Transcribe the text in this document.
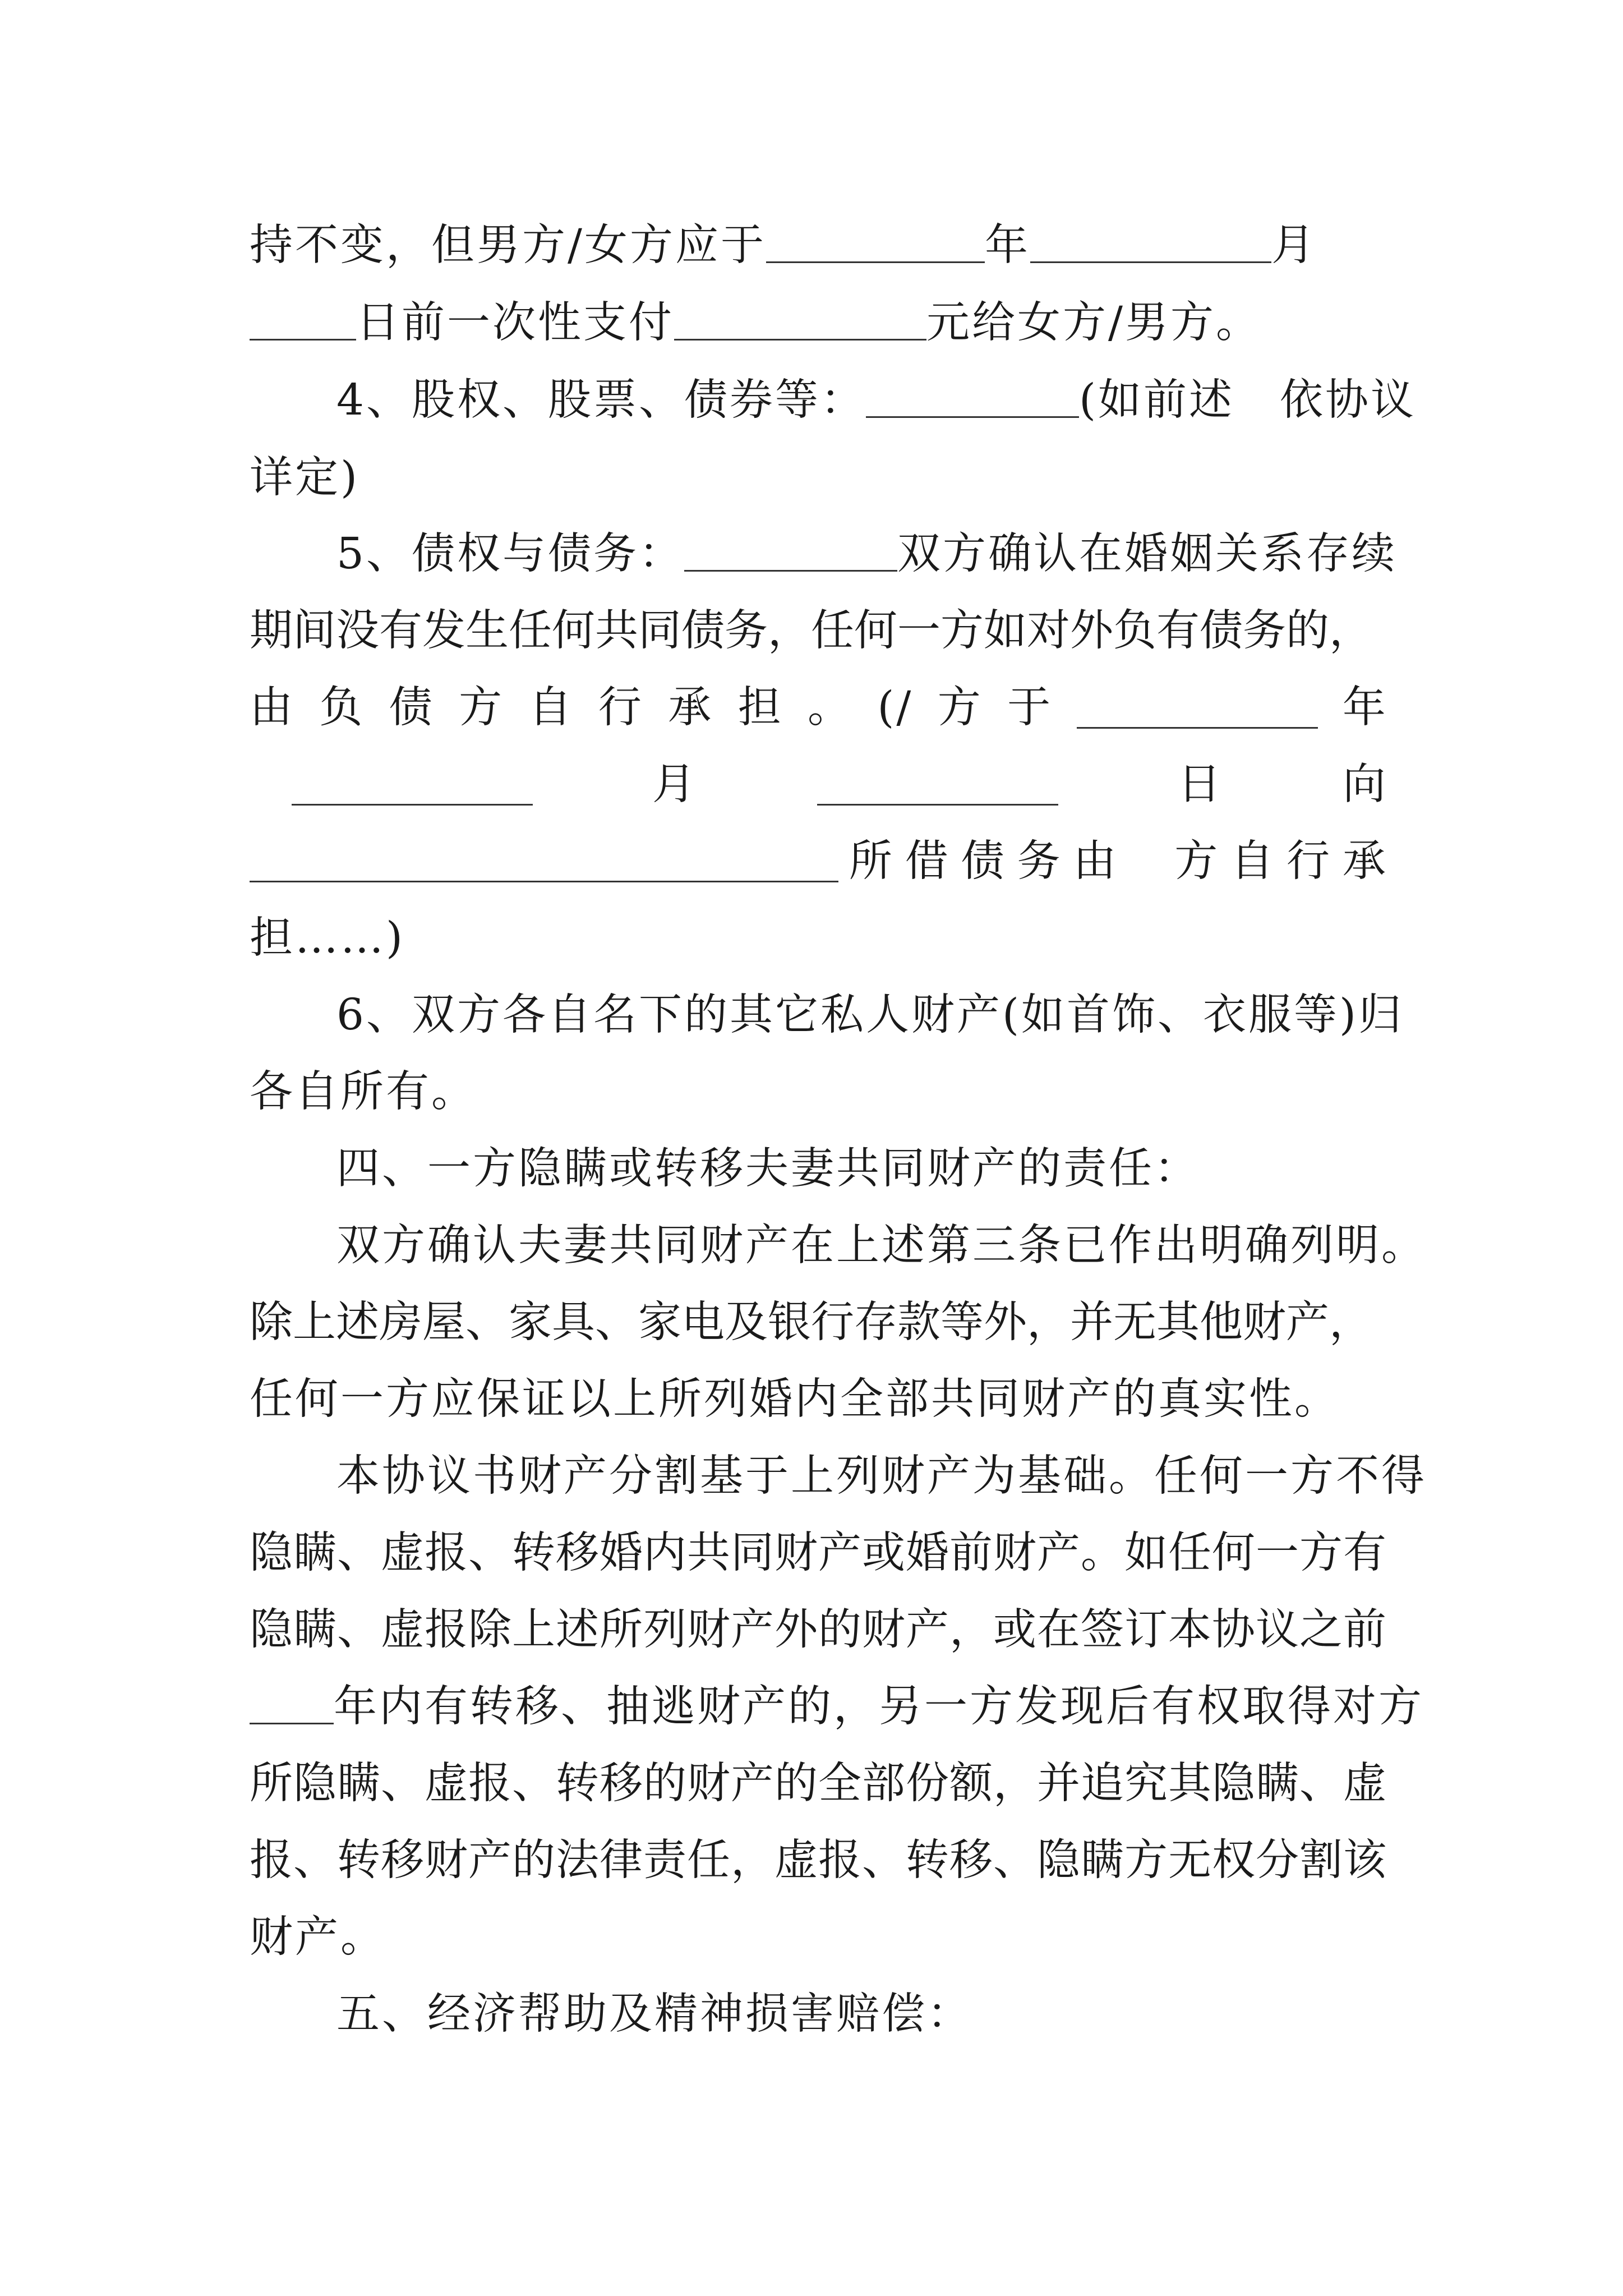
持不变，但男方/女方应于	年	月
日前一次性支付	元给女方/男方。
4、股权、股票、债券等：	(如前述　依协议
详定)
5、债权与债务：	双方确认在婚姻关系存续
期间没有发生任何共同债务，任何一方如对外负有债务的，
由 负 债 方 自 行 承 担 。 (/ 方 于	年
月	日	向
所 借 债 务 由 　方 自 行 承
担……)
6、双方各自名下的其它私人财产(如首饰、衣服等)归
各自所有。
四、一方隐瞒或转移夫妻共同财产的责任：
双方确认夫妻共同财产在上述第三条已作出明确列明。
除上述房屋、家具、家电及银行存款等外，并无其他财产，
任何一方应保证以上所列婚内全部共同财产的真实性。
本协议书财产分割基于上列财产为基础。任何一方不得
隐瞒、虚报、转移婚内共同财产或婚前财产。如任何一方有
隐瞒、虚报除上述所列财产外的财产，或在签订本协议之前
年内有转移、抽逃财产的，另一方发现后有权取得对方
所隐瞒、虚报、转移的财产的全部份额，并追究其隐瞒、虚
报、转移财产的法律责任，虚报、转移、隐瞒方无权分割该
财产。
五、经济帮助及精神损害赔偿：
